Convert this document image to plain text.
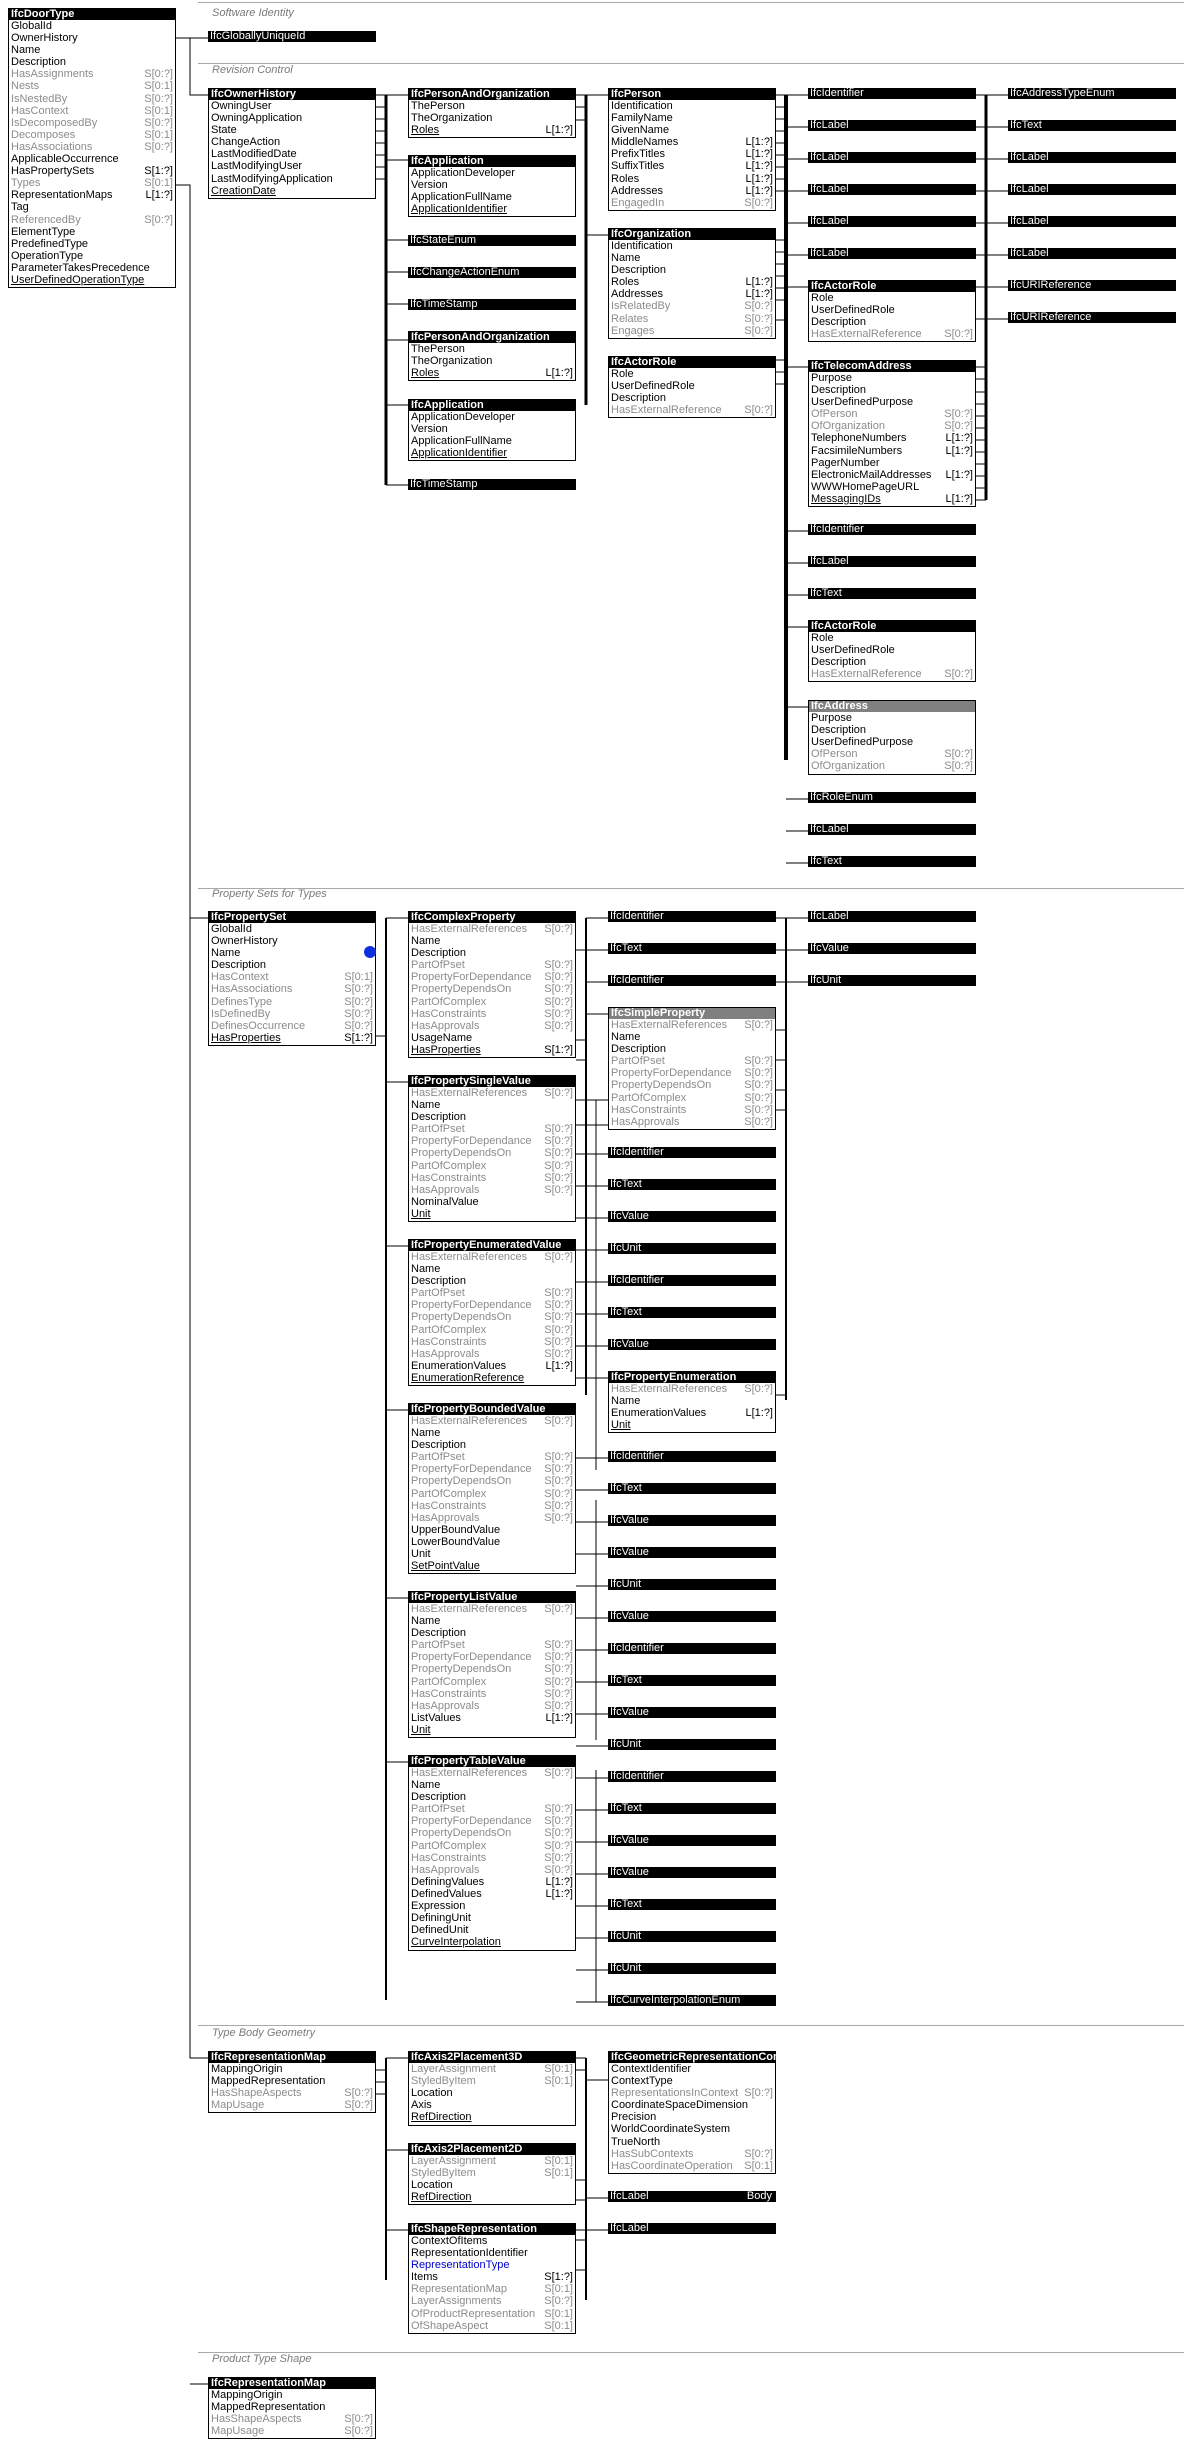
Software Identity
Revision Control
Property Sets for Types
Type Body Geometry
Product Type Shape
IfcDoorType
GlobalId
OwnerHistory
Name
Description
HasAssignments	S[0:?]
Nests	S[0:1]
IsNestedBy	S[0:?]
HasContext	S[0:1]
IsDecomposedBy	S[0:?]
Decomposes	S[0:1]
HasAssociations	S[0:?]
ApplicableOccurrence
HasPropertySets	S[1:?]
Types	S[0:1]
RepresentationMaps	L[1:?]
Tag
ReferencedBy	S[0:?]
ElementType
PredefinedType
OperationType
ParameterTakesPrecedence
UserDefinedOperationType
IfcOwnerHistory
OwningUser
OwningApplication
State
ChangeAction
LastModifiedDate
LastModifyingUser
LastModifyingApplication
CreationDate
IfcPersonAndOrganization
ThePerson
TheOrganization
Roles	L[1:?]
IfcApplication
ApplicationDeveloper
Version
ApplicationFullName
ApplicationIdentifier
IfcPersonAndOrganization
ThePerson
TheOrganization
Roles	L[1:?]
IfcApplication
ApplicationDeveloper
Version
ApplicationFullName
ApplicationIdentifier
IfcPerson
Identification
FamilyName
GivenName
MiddleNames	L[1:?]
PrefixTitles	L[1:?]
SuffixTitles	L[1:?]
Roles	L[1:?]
Addresses	L[1:?]
EngagedIn	S[0:?]
IfcOrganization
Identification
Name
Description
Roles	L[1:?]
Addresses	L[1:?]
IsRelatedBy	S[0:?]
Relates	S[0:?]
Engages	S[0:?]
IfcActorRole
Role
UserDefinedRole
Description
HasExternalReference S[0:?]
IfcActorRole
Role
UserDefinedRole
Description
HasExternalReference S[0:?]
IfcTelecomAddress
Purpose
Description
UserDefinedPurpose
OfPerson	S[0:?]
OfOrganization	S[0:?]
TelephoneNumbers	L[1:?]
FacsimileNumbers	L[1:?]
PagerNumber
ElectronicMailAddresses L[1:?]
WWWHomePageURL
MessagingIDs	L[1:?]
IfcActorRole
Role
UserDefinedRole
Description
HasExternalReference S[0:?]
IfcAddress
Purpose
Description
UserDefinedPurpose
OfPerson	S[0:?]
OfOrganization	S[0:?]
IfcPropertySet
GlobalId
OwnerHistory
Name
Description
HasContext	S[0:1]
HasAssociations	S[0:?]
DefinesType	S[0:?]
IsDefinedBy	S[0:?]
DefinesOccurrence	S[0:?]
HasProperties	S[1:?]
IfcComplexProperty
HasExternalReferences S[0:?]
Name
Description
PartOfPset	S[0:?]
PropertyForDependance S[0:?]
PropertyDependsOn	S[0:?]
PartOfComplex	S[0:?]
HasConstraints	S[0:?]
HasApprovals	S[0:?]
UsageName
HasProperties	S[1:?]
IfcSimpleProperty
HasExternalReferences S[0:?]
Name
Description
PartOfPset	S[0:?]
PropertyForDependance S[0:?]
PropertyDependsOn	S[0:?]
PartOfComplex	S[0:?]
HasConstraints	S[0:?]
HasApprovals	S[0:?]
IfcPropertySingleValue
HasExternalReferences S[0:?]
Name
Description
PartOfPset	S[0:?]
PropertyForDependance S[0:?]
PropertyDependsOn	S[0:?]
PartOfComplex	S[0:?]
HasConstraints	S[0:?]
HasApprovals	S[0:?]
NominalValue
Unit
IfcPropertyEnumeratedValue
HasExternalReferences S[0:?]
Name
Description
PartOfPset	S[0:?]
PropertyForDependance S[0:?]
PropertyDependsOn	S[0:?]
PartOfComplex	S[0:?]
HasConstraints	S[0:?]
HasApprovals	S[0:?]
EnumerationValues	L[1:?]
EnumerationReference	IfcPropertyEnumeration
HasExternalReferences S[0:?]
Name
EnumerationValues	L[1:?]
Unit
IfcPropertyBoundedValue
HasExternalReferences S[0:?]
Name
Description
PartOfPset	S[0:?]
PropertyForDependance S[0:?]
PropertyDependsOn	S[0:?]
PartOfComplex	S[0:?]
HasConstraints	S[0:?]
HasApprovals	S[0:?]
UpperBoundValue
LowerBoundValue
Unit
SetPointValue
IfcPropertyListValue
HasExternalReferences S[0:?]
Name
Description
PartOfPset	S[0:?]
PropertyForDependance S[0:?]
PropertyDependsOn	S[0:?]
PartOfComplex	S[0:?]
HasConstraints	S[0:?]
HasApprovals	S[0:?]
ListValues	L[1:?]
Unit
IfcPropertyTableValue
HasExternalReferences S[0:?]
Name
Description
PartOfPset	S[0:?]
PropertyForDependance S[0:?]
PropertyDependsOn	S[0:?]
PartOfComplex	S[0:?]
HasConstraints	S[0:?]
HasApprovals	S[0:?]
DefiningValues	L[1:?]
DefinedValues	L[1:?]
Expression
DefiningUnit
DefinedUnit
CurveInterpolation
IfcRepresentationMap
MappingOrigin
MappedRepresentation
HasShapeAspects	S[0:?]
MapUsage	S[0:?]
IfcAxis2Placement3D
LayerAssignment	S[0:1]
StyledByItem	S[0:1]
Location
Axis
RefDirection
IfcAxis2Placement2D
LayerAssignment	S[0:1]
StyledByItem	S[0:1]
Location
RefDirection
IfcShapeRepresentation
ContextOfItems
RepresentationIdentifier
RepresentationType
Items	S[1:?]
RepresentationMap	S[0:1]
LayerAssignments	S[0:?]
OfProductRepresentation S[0:1]
OfShapeAspect	S[0:1]
IfcGeometricRepresentationContext
ContextIdentifier
ContextType
RepresentationsInContext S[0:?]
CoordinateSpaceDimension
Precision
WorldCoordinateSystem
TrueNorth
HasSubContexts	S[0:?]
HasCoordinateOperation S[0:1]
IfcRepresentationMap
MappingOrigin
MappedRepresentation
HasShapeAspects	S[0:?]
MapUsage	S[0:?]
IfcGloballyUniqueId
IfcStateEnum
IfcChangeActionEnum
IfcTimeStamp
IfcTimeStamp
IfcIdentifier
IfcLabel
IfcLabel
IfcLabel
IfcLabel
IfcLabel
IfcAddressTypeEnum
IfcText
IfcLabel
IfcLabel
IfcLabel
IfcLabel
IfcURIReference
IfcURIReference
IfcIdentifier
IfcLabel
IfcText
IfcRoleEnum
IfcLabel
IfcText
IfcIdentifier
IfcText
IfcLabel
IfcValue
IfcUnit
IfcIdentifier
IfcIdentifier
IfcText
IfcValue
IfcUnit
IfcIdentifier
IfcText
IfcValue
IfcIdentifier
IfcText
IfcValue
IfcValue
IfcUnit
IfcValue
IfcIdentifier
IfcText
IfcValue
IfcUnit
IfcIdentifier
IfcText
IfcValue
IfcValue
IfcText
IfcUnit
IfcUnit
IfcCurveInterpolationEnum
IfcLabel	Body
IfcLabel
